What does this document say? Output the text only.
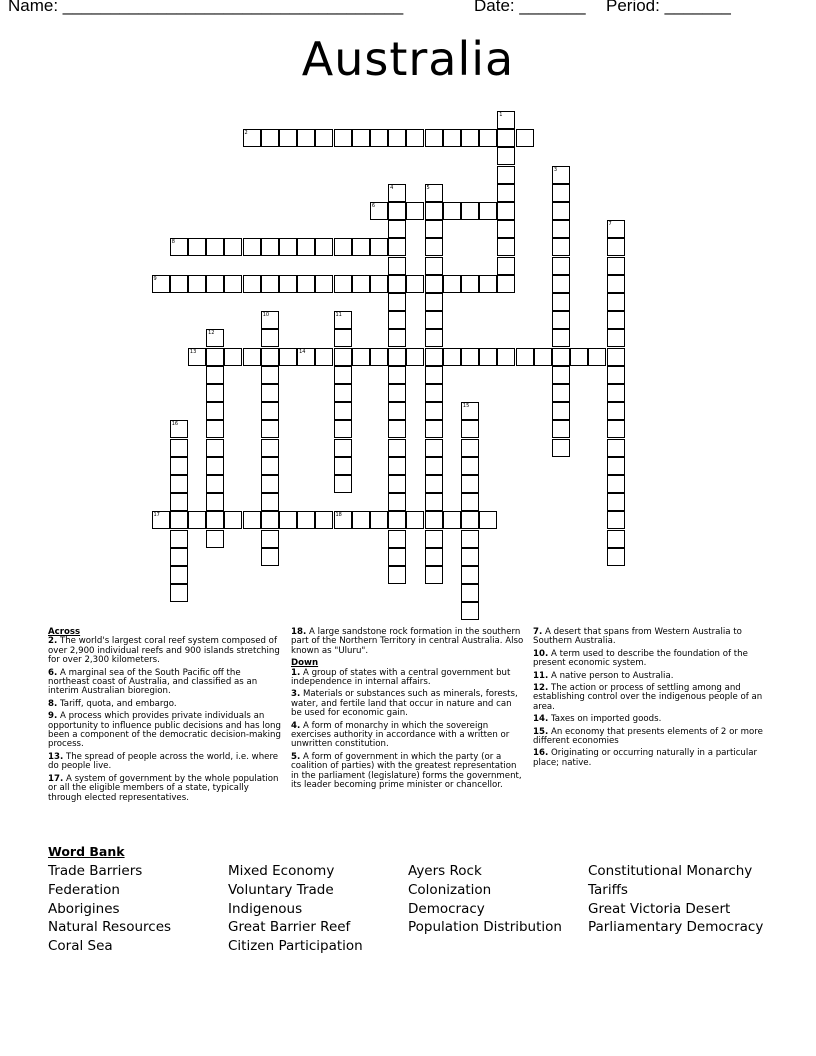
Name: ____________________________________	Date: _______ Period: _______
Australia
1
2
3
4	5
6
7
8
9
10	11
12
13	14
15
16
17	18
Across
2. The world's largest coral reef system composed of over 2,900 individual reefs and 900 islands stretching for over 2,300 kilometers.
6. A marginal sea of the South Pacific off the northeast coast of Australia, and classified as an interim Australian bioregion.
8. Tariff, quota, and embargo.
9. A process which provides private individuals an opportunity to influence public decisions and has long been a component of the democratic decision-making process.
13. The spread of people across the world, i.e. where do people live.
17. A system of government by the whole population or all the eligible members of a state, typically through elected representatives.
18. A large sandstone rock formation in the southern part of the Northern Territory in central Australia. Also known as "Uluru".
Down
1. A group of states with a central government but independence in internal affairs.
3. Materials or substances such as minerals, forests, water, and fertile land that occur in nature and can be used for economic gain.
4. A form of monarchy in which the sovereign exercises authority in accordance with a written or unwritten constitution.
5. A form of government in which the party (or a coalition of parties) with the greatest representation in the parliament (legislature) forms the government, its leader becoming prime minister or chancellor.
7. A desert that spans from Western Australia to Southern Australia.
10. A term used to describe the foundation of the present economic system.
11. A native person to Australia.
12. The action or process of settling among and establishing control over the indigenous people of an area.
14. Taxes on imported goods.
15. An economy that presents elements of 2 or more different economies
16. Originating or occurring naturally in a particular place; native.
Word Bank
Trade Barriers
Federation
Aborigines
Natural Resources
Coral Sea
Mixed Economy
Voluntary Trade
Indigenous
Great Barrier Reef
Citizen Participation
Ayers Rock
Colonization
Democracy
Population Distribution
Constitutional Monarchy
Tariffs
Great Victoria Desert
Parliamentary Democracy
